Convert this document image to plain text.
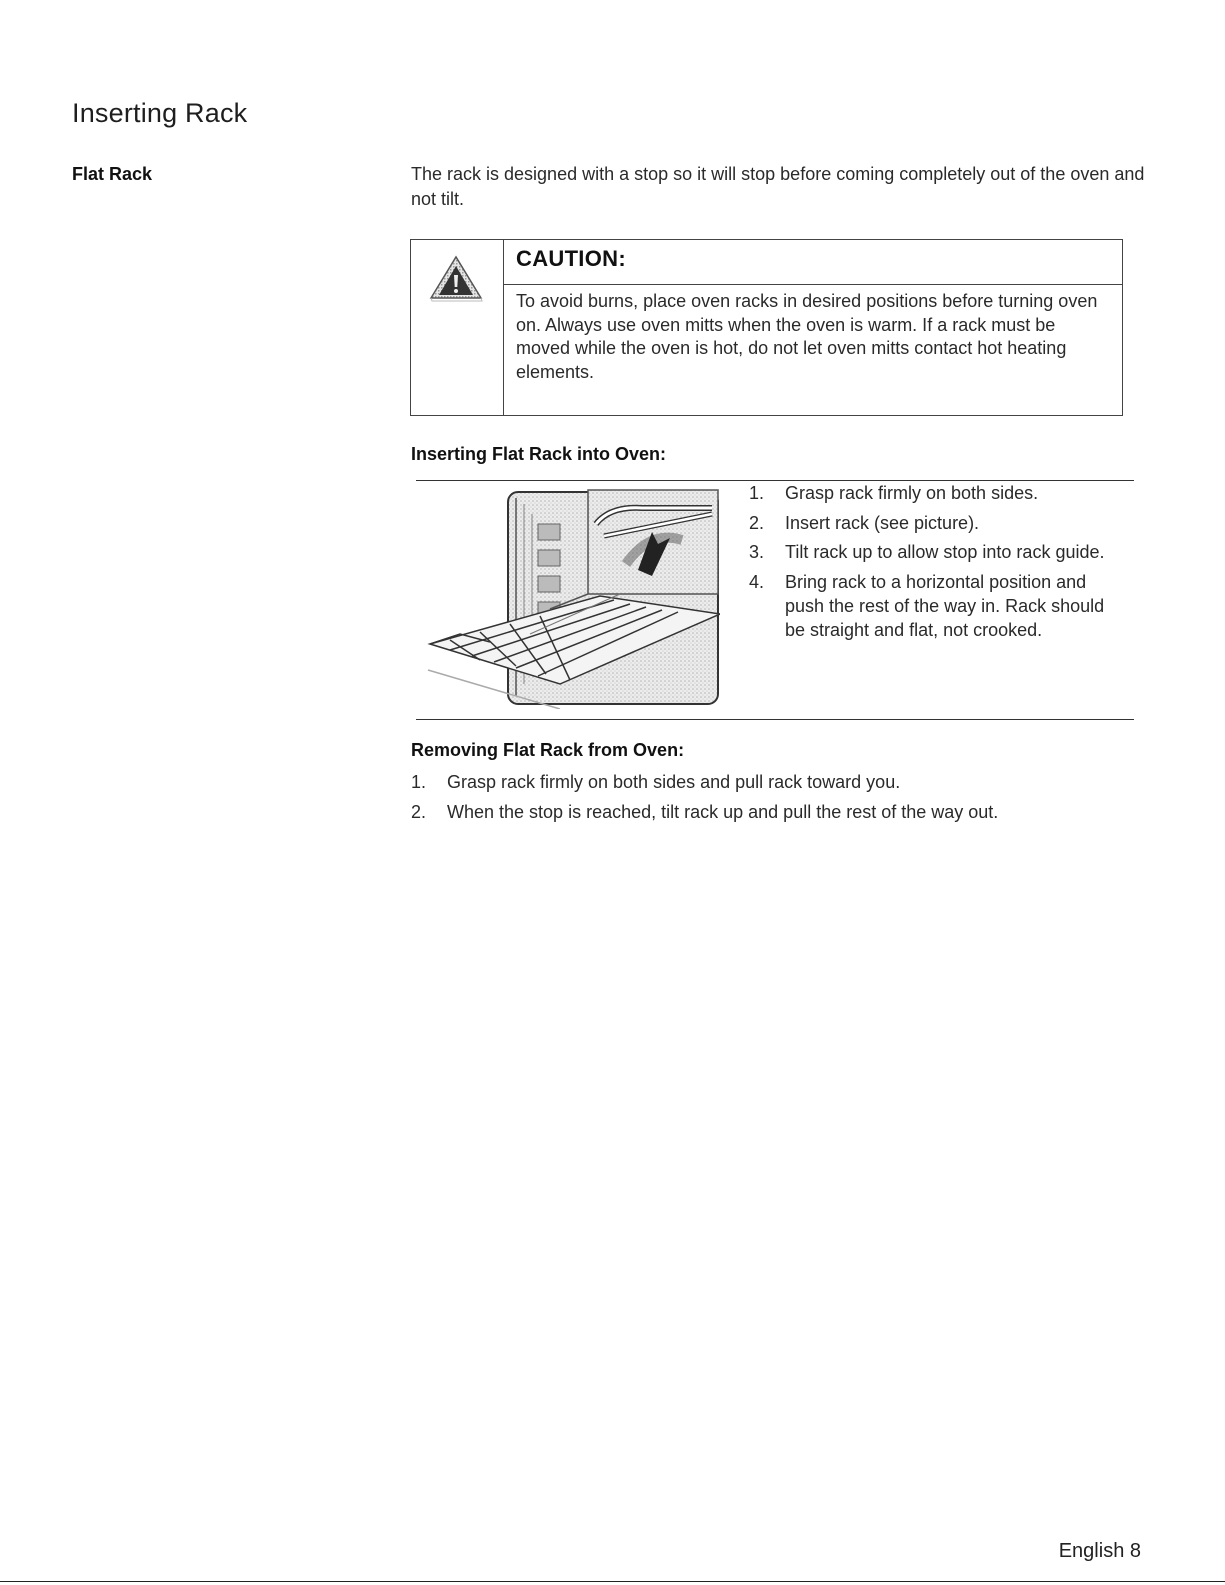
Inserting Rack
Flat Rack	The rack is designed with a stop so it will stop before coming completely out of the oven and not tilt.
CAUTION:
To avoid burns, place oven racks in desired positions before turning oven on. Always use oven mitts when the oven is warm. If a rack must be moved while the oven is hot, do not let oven mitts contact hot heating elements.
Inserting Flat Rack into Oven:
1. Grasp rack firmly on both sides.
2. Insert rack (see picture).
3. Tilt rack up to allow stop into rack guide.
4. Bring rack to a horizontal position and push the rest of the way in. Rack should be straight and flat, not crooked.
Removing Flat Rack from Oven:
1. Grasp rack firmly on both sides and pull rack toward you.
2. When the stop is reached, tilt rack up and pull the rest of the way out.
English 8
